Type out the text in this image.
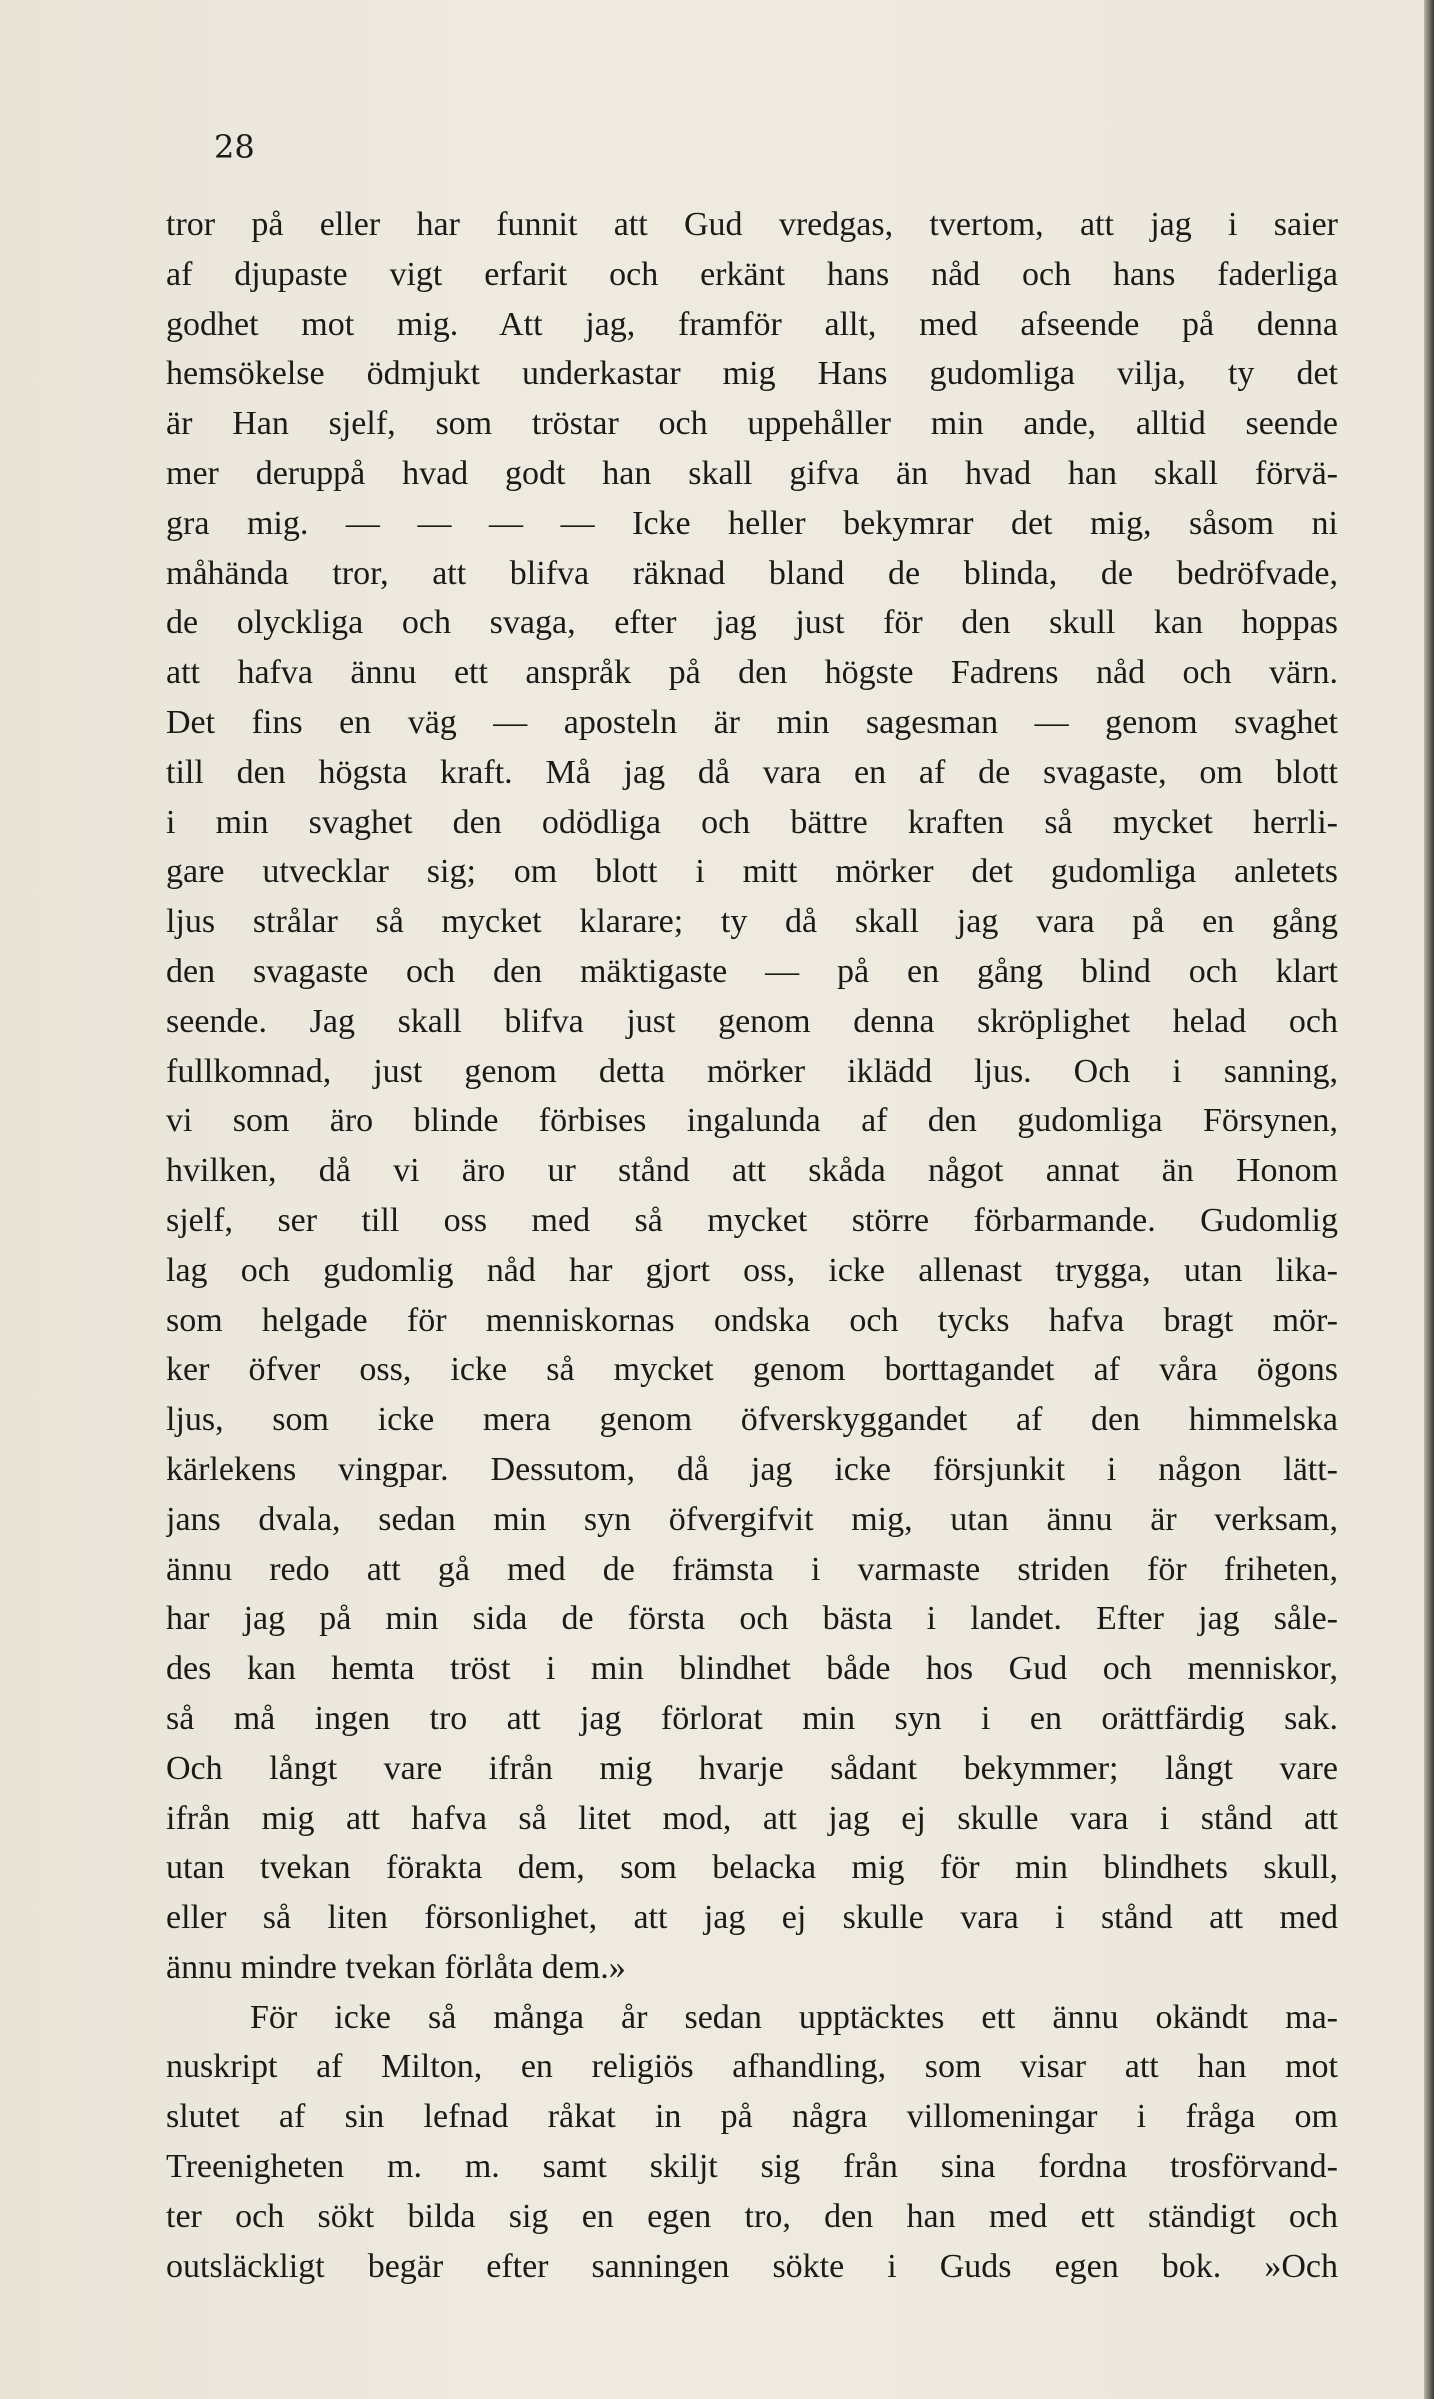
28
tror på eller har funnit att Gud vredgas, tvertom, att jag i saier
af djupaste vigt erfarit och erkänt hans nåd och hans faderliga
godhet mot mig. Att jag, framför allt, med afseende på denna
hemsökelse ödmjukt underkastar mig Hans gudomliga vilja, ty det
är Han sjelf, som tröstar och uppehåller min ande, alltid seende
mer deruppå hvad godt han skall gifva än hvad han skall förvä-
gra mig. — — — — Icke heller bekymrar det mig, såsom ni
måhända tror, att blifva räknad bland de blinda, de bedröfvade,
de olyckliga och svaga, efter jag just för den skull kan hoppas
att hafva ännu ett anspråk på den högste Fadrens nåd och värn.
Det fins en väg — aposteln är min sagesman — genom svaghet
till den högsta kraft. Må jag då vara en af de svagaste, om blott
i min svaghet den odödliga och bättre kraften så mycket herrli-
gare utvecklar sig; om blott i mitt mörker det gudomliga anletets
ljus strålar så mycket klarare; ty då skall jag vara på en gång
den svagaste och den mäktigaste — på en gång blind och klart
seende. Jag skall blifva just genom denna skröplighet helad och
fullkomnad, just genom detta mörker iklädd ljus. Och i sanning,
vi som äro blinde förbises ingalunda af den gudomliga Försynen,
hvilken, då vi äro ur stånd att skåda något annat än Honom
sjelf, ser till oss med så mycket större förbarmande. Gudomlig
lag och gudomlig nåd har gjort oss, icke allenast trygga, utan lika-
som helgade för menniskornas ondska och tycks hafva bragt mör-
ker öfver oss, icke så mycket genom borttagandet af våra ögons
ljus, som icke mera genom öfverskyggandet af den himmelska
kärlekens vingpar. Dessutom, då jag icke försjunkit i någon lätt-
jans dvala, sedan min syn öfvergifvit mig, utan ännu är verksam,
ännu redo att gå med de främsta i varmaste striden för friheten,
har jag på min sida de första och bästa i landet. Efter jag såle-
des kan hemta tröst i min blindhet både hos Gud och menniskor,
så må ingen tro att jag förlorat min syn i en orättfärdig sak.
Och långt vare ifrån mig hvarje sådant bekymmer; långt vare
ifrån mig att hafva så litet mod, att jag ej skulle vara i stånd att
utan tvekan förakta dem, som belacka mig för min blindhets skull,
eller så liten försonlighet, att jag ej skulle vara i stånd att med
ännu mindre tvekan förlåta dem.»
För icke så många år sedan upptäcktes ett ännu okändt ma-
nuskript af Milton, en religiös afhandling, som visar att han mot
slutet af sin lefnad råkat in på några villomeningar i fråga om
Treenigheten m. m. samt skiljt sig från sina fordna trosförvand-
ter och sökt bilda sig en egen tro, den han med ett ständigt och
outsläckligt begär efter sanningen sökte i Guds egen bok. »Och
